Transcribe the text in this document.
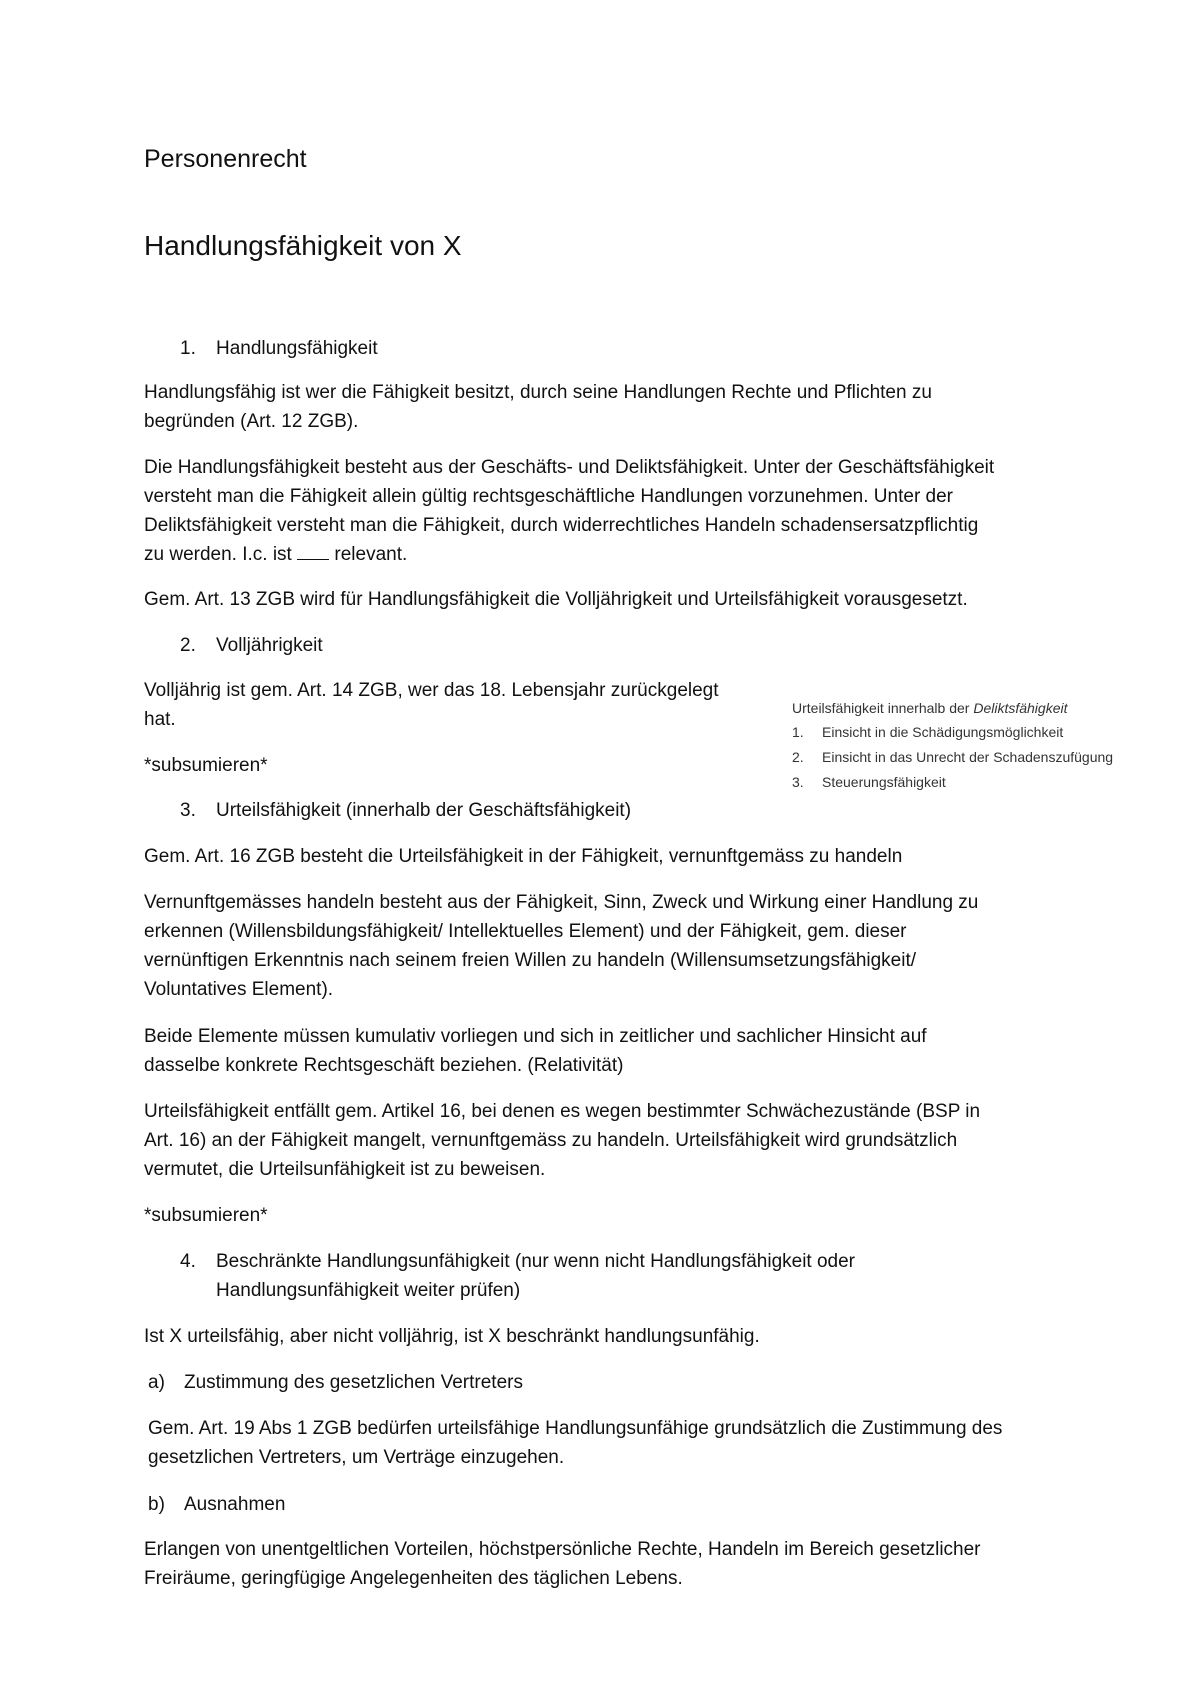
Personenrecht
Handlungsfähigkeit von X
1. Handlungsfähigkeit

Handlungsfähig ist wer die Fähigkeit besitzt, durch seine Handlungen Rechte und Pflichten zu

begründen (Art. 12 ZGB).

Die Handlungsfähigkeit besteht aus der Geschäfts- und Deliktsfähigkeit. Unter der Geschäftsfähigkeit

versteht man die Fähigkeit allein gültig rechtsgeschäftliche Handlungen vorzunehmen. Unter der

Deliktsfähigkeit versteht man die Fähigkeit, durch widerrechtliches Handeln schadensersatzpflichtig

zu werden. I.c. ist  relevant.

Gem. Art. 13 ZGB wird für Handlungsfähigkeit die Volljährigkeit und Urteilsfähigkeit vorausgesetzt.

2. Volljährigkeit

Volljährig ist gem. Art. 14 ZGB, wer das 18. Lebensjahr zurückgelegt

hat.

*subsumieren*

Urteilsfähigkeit innerhalb der Deliktsfähigkeit
1. Einsicht in die Schädigungsmöglichkeit
2. Einsicht in das Unrecht der Schadenszufügung
3. Steuerungsfähigkeit
3. Urteilsfähigkeit (innerhalb der Geschäftsfähigkeit)

Gem. Art. 16 ZGB besteht die Urteilsfähigkeit in der Fähigkeit, vernunftgemäss zu handeln

Vernunftgemässes handeln besteht aus der Fähigkeit, Sinn, Zweck und Wirkung einer Handlung zu

erkennen (Willensbildungsfähigkeit/ Intellektuelles Element) und der Fähigkeit, gem. dieser

vernünftigen Erkenntnis nach seinem freien Willen zu handeln (Willensumsetzungsfähigkeit/

Voluntatives Element).

Beide Elemente müssen kumulativ vorliegen und sich in zeitlicher und sachlicher Hinsicht auf

dasselbe konkrete Rechtsgeschäft beziehen. (Relativität)

Urteilsfähigkeit entfällt gem. Artikel 16, bei denen es wegen bestimmter Schwächezustände (BSP in

Art. 16) an der Fähigkeit mangelt, vernunftgemäss zu handeln. Urteilsfähigkeit wird grundsätzlich

vermutet, die Urteilsunfähigkeit ist zu beweisen.

*subsumieren*

4. Beschränkte Handlungsunfähigkeit (nur wenn nicht Handlungsfähigkeit oder

Handlungsunfähigkeit weiter prüfen)

Ist X urteilsfähig, aber nicht volljährig, ist X beschränkt handlungsunfähig.

a) Zustimmung des gesetzlichen Vertreters

Gem. Art. 19 Abs 1 ZGB bedürfen urteilsfähige Handlungsunfähige grundsätzlich die Zustimmung des

gesetzlichen Vertreters, um Verträge einzugehen.

b) Ausnahmen

Erlangen von unentgeltlichen Vorteilen, höchstpersönliche Rechte, Handeln im Bereich gesetzlicher

Freiräume, geringfügige Angelegenheiten des täglichen Lebens.
